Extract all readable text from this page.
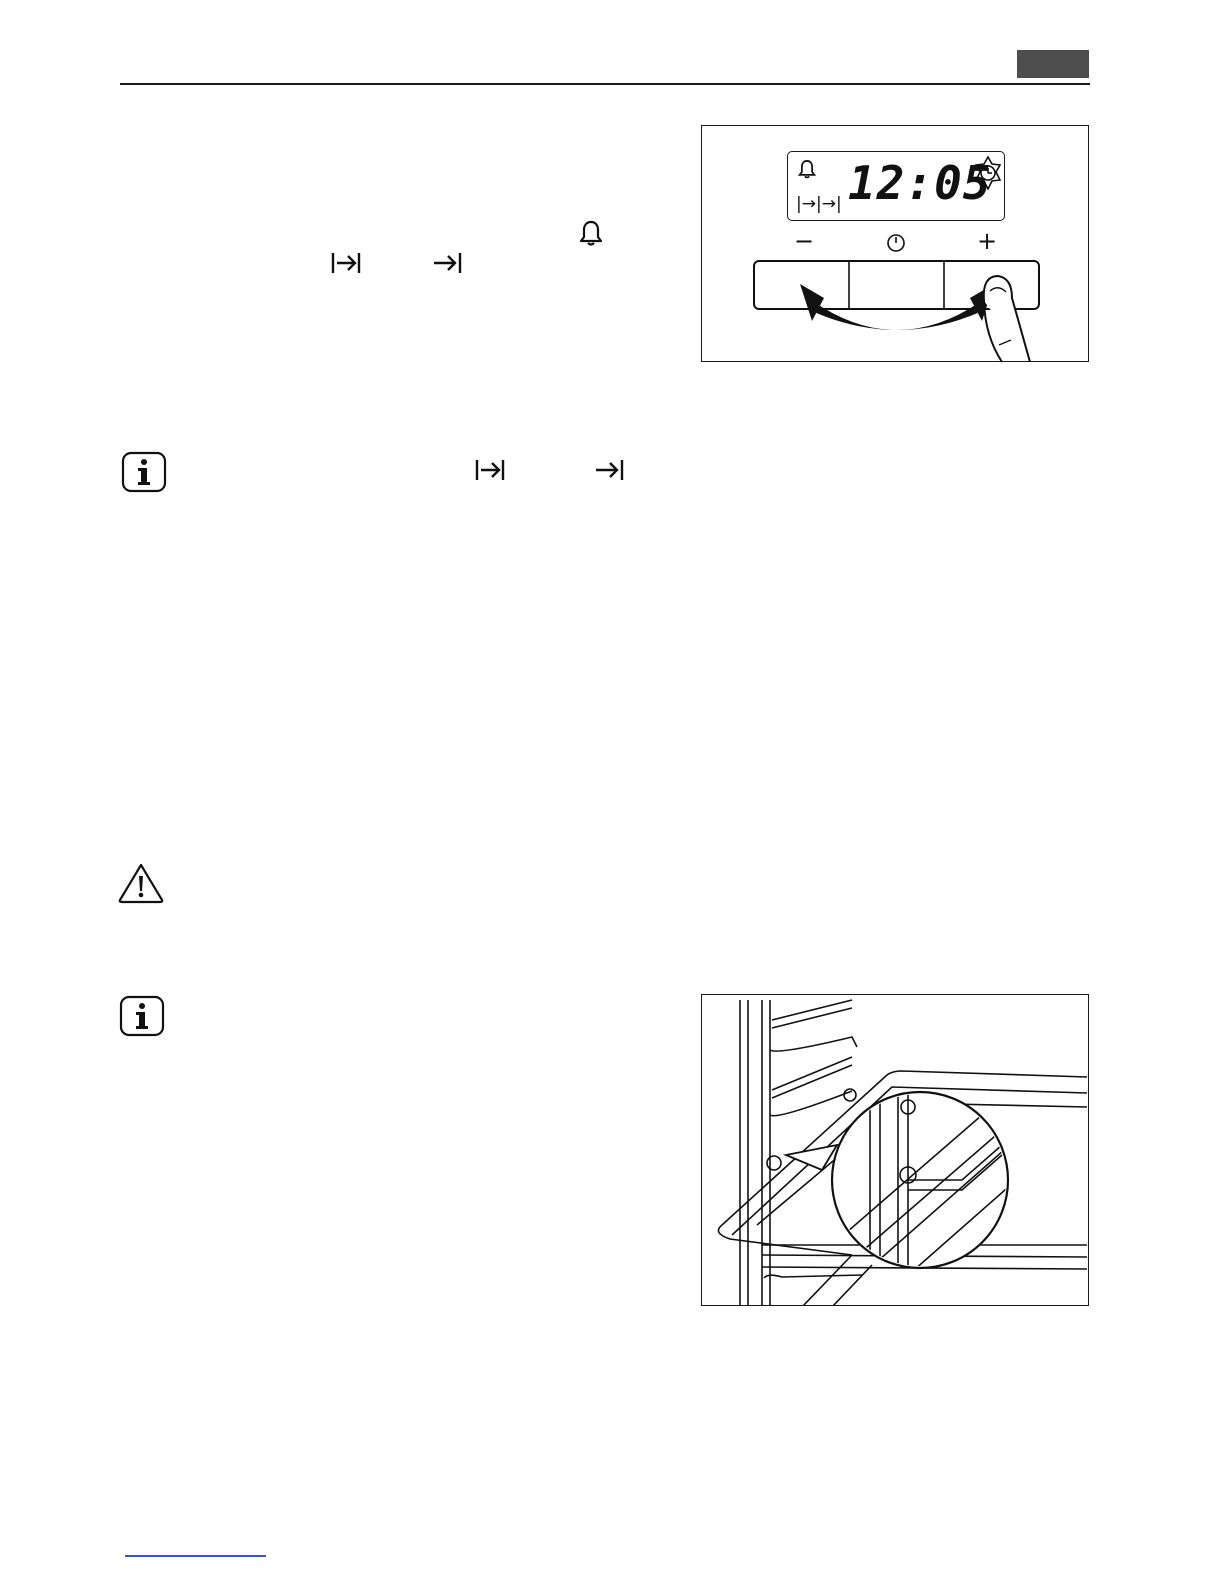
12:05
|→|→|
−	+
